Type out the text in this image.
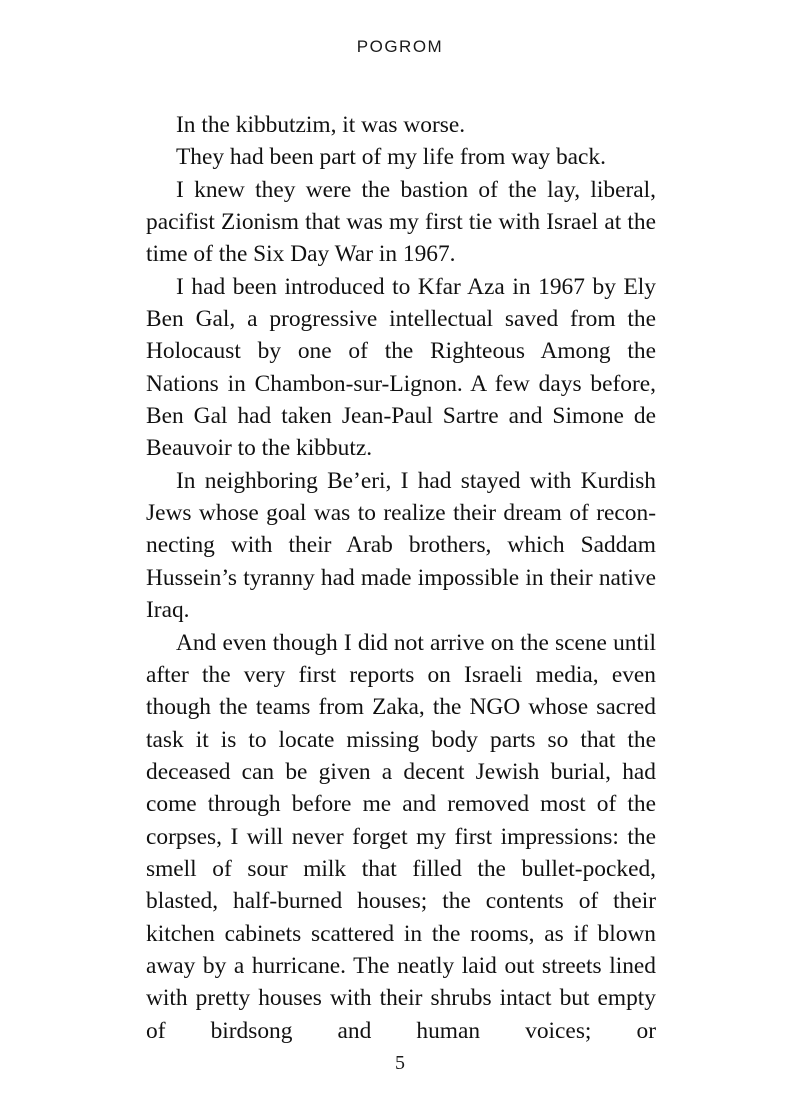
POGROM

In the kibbutzim, it was worse.

They had been part of my life from way back.

I knew they were the bastion of the lay, liberal, pacifist Zionism that was my first tie with Israel at the time of the Six Day War in 1967.

I had been introduced to Kfar Aza in 1967 by Ely Ben Gal, a progressive intellectual saved from the Holocaust by one of the Righteous Among the Nations in Chambon-sur-Lignon. A few days before, Ben Gal had taken Jean-Paul Sartre and Simone de Beauvoir to the kibbutz.

In neighboring Be’eri, I had stayed with Kurdish Jews whose goal was to realize their dream of reconnecting with their Arab brothers, which Saddam Hussein’s tyranny had made impossible in their native Iraq.

And even though I did not arrive on the scene until after the very first reports on Israeli media, even though the teams from Zaka, the NGO whose sacred task it is to locate missing body parts so that the deceased can be given a decent Jewish burial, had come through before me and removed most of the corpses, I will never forget my first impressions: the smell of sour milk that filled the bullet-pocked, blasted, half-burned houses; the contents of their kitchen cabinets scattered in the rooms, as if blown away by a hurricane. The neatly laid out streets lined with pretty houses with their shrubs intact but empty of birdsong and human voices; or

5
